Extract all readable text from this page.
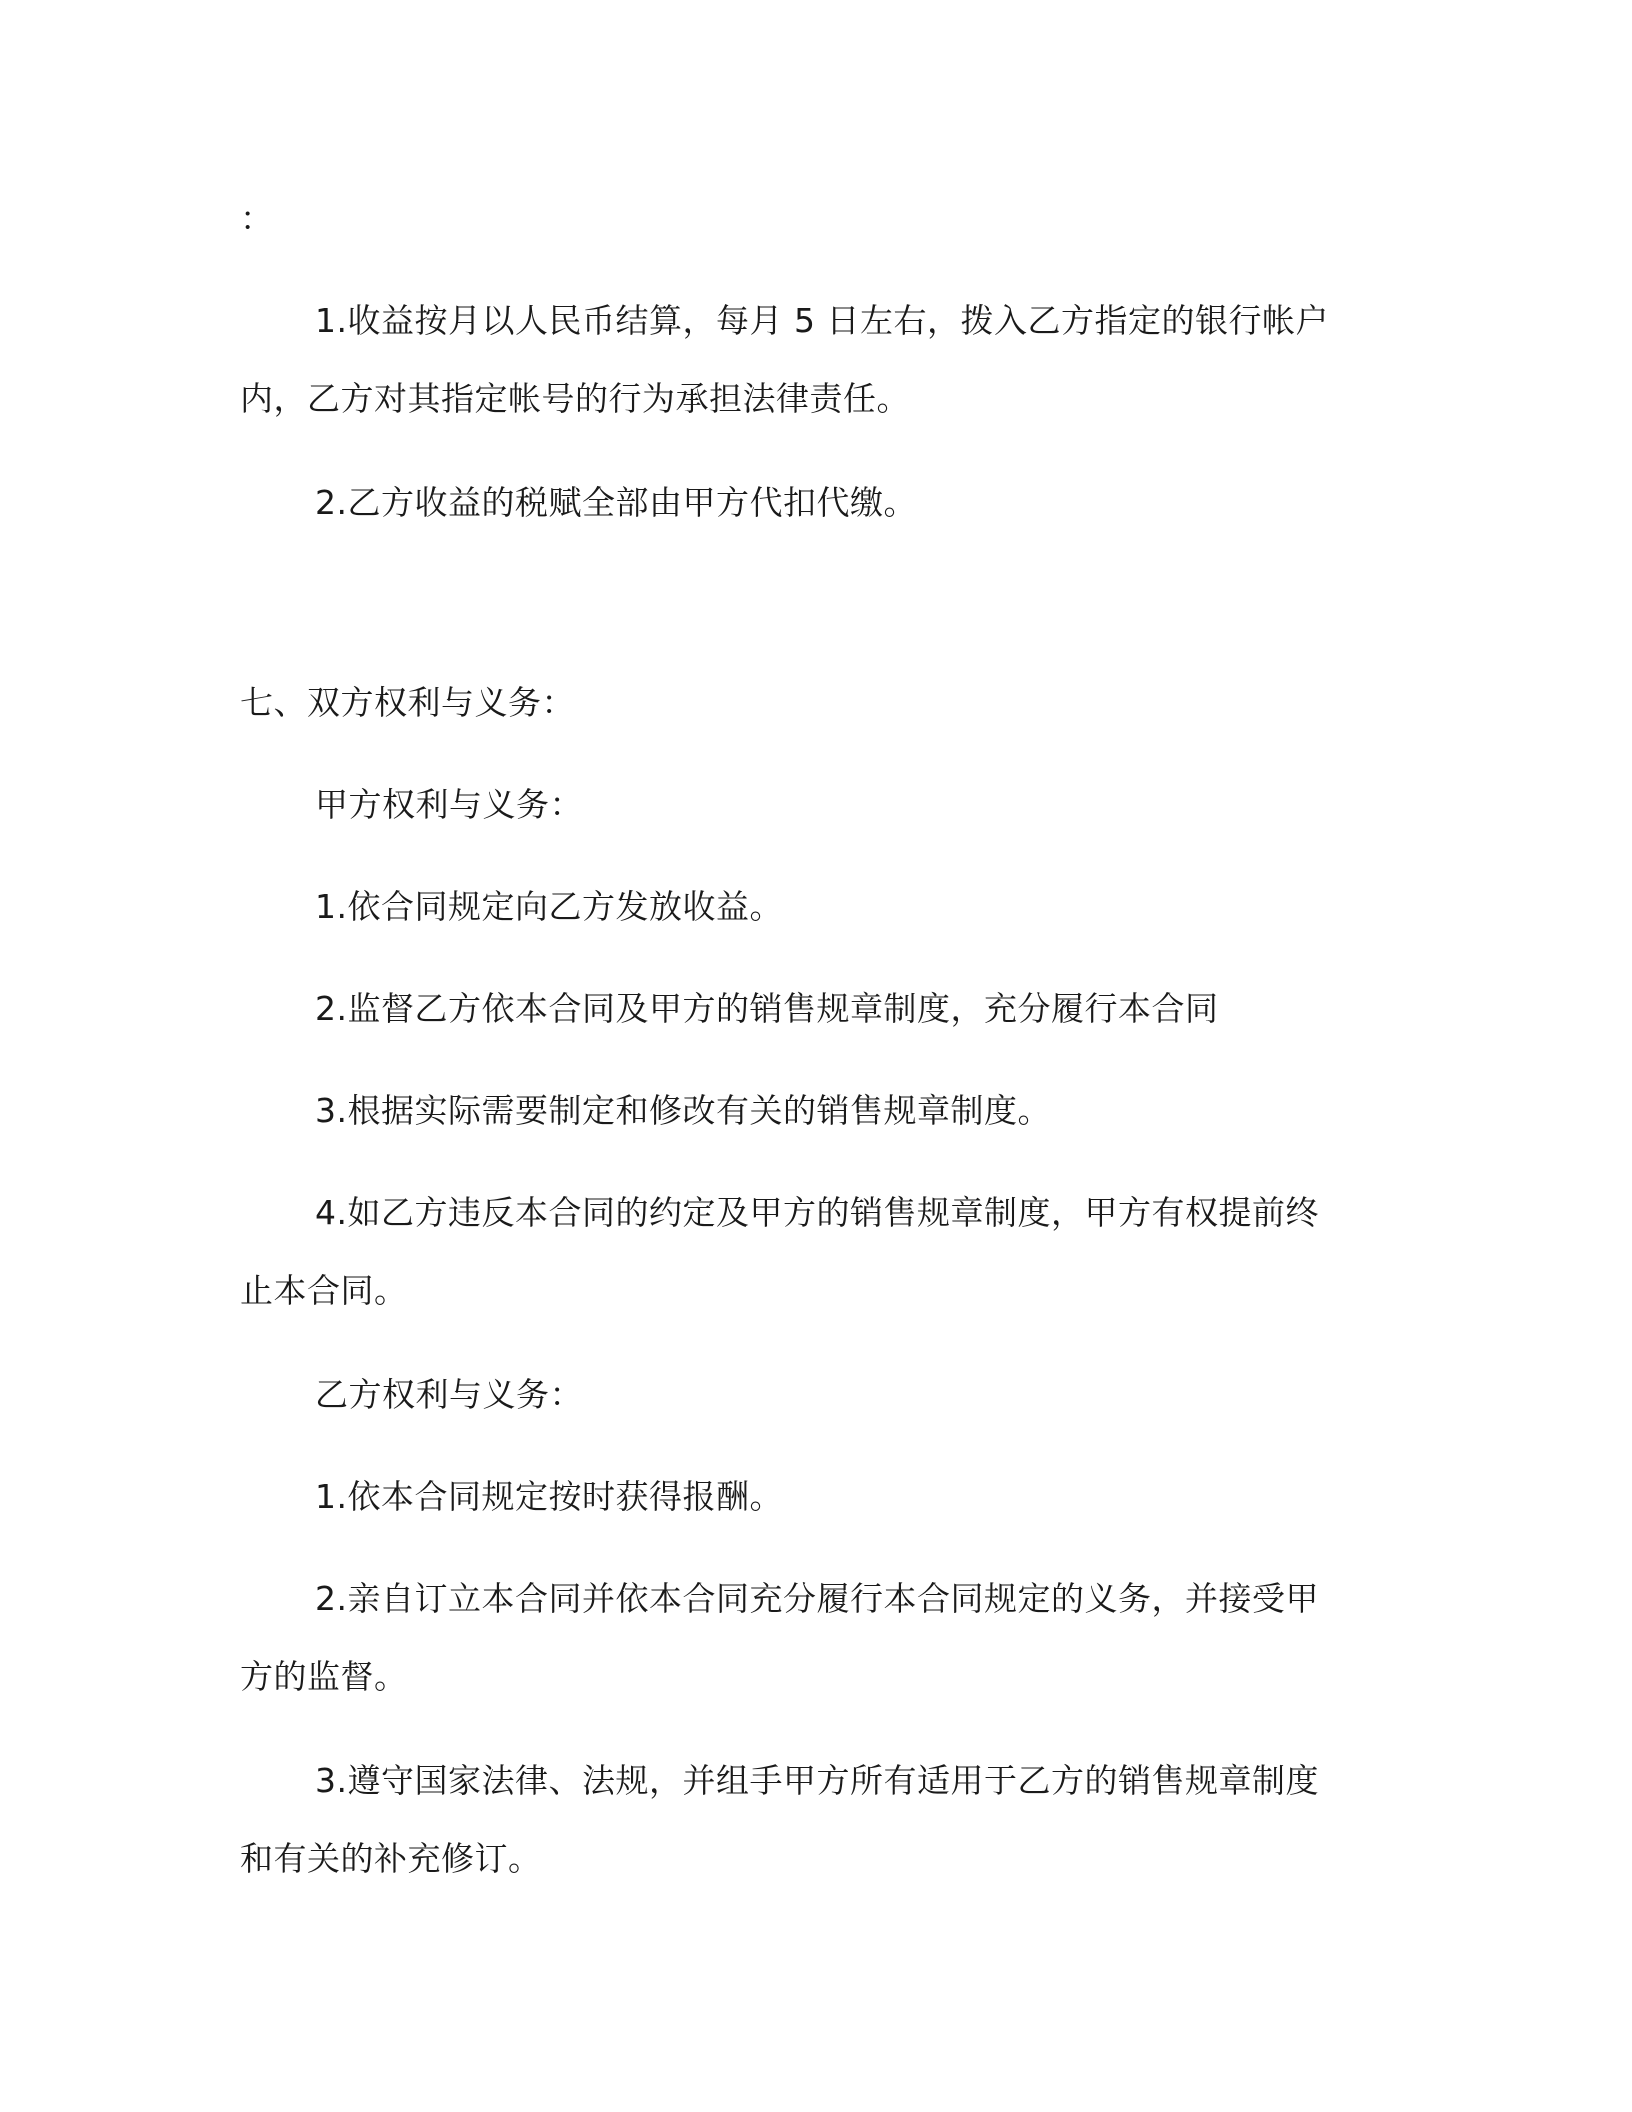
：

1.收益按月以人民币结算，每月 5 日左右，拨入乙方指定的银行帐户内，乙方对其指定帐号的行为承担法律责任。

2.乙方收益的税赋全部由甲方代扣代缴。

七、双方权利与义务：

甲方权利与义务：

1.依合同规定向乙方发放收益。

2.监督乙方依本合同及甲方的销售规章制度，充分履行本合同

3.根据实际需要制定和修改有关的销售规章制度。

4.如乙方违反本合同的约定及甲方的销售规章制度，甲方有权提前终止本合同。

乙方权利与义务：

1.依本合同规定按时获得报酬。

2.亲自订立本合同并依本合同充分履行本合同规定的义务，并接受甲方的监督。

3.遵守国家法律、法规，并组手甲方所有适用于乙方的销售规章制度和有关的补充修订。
